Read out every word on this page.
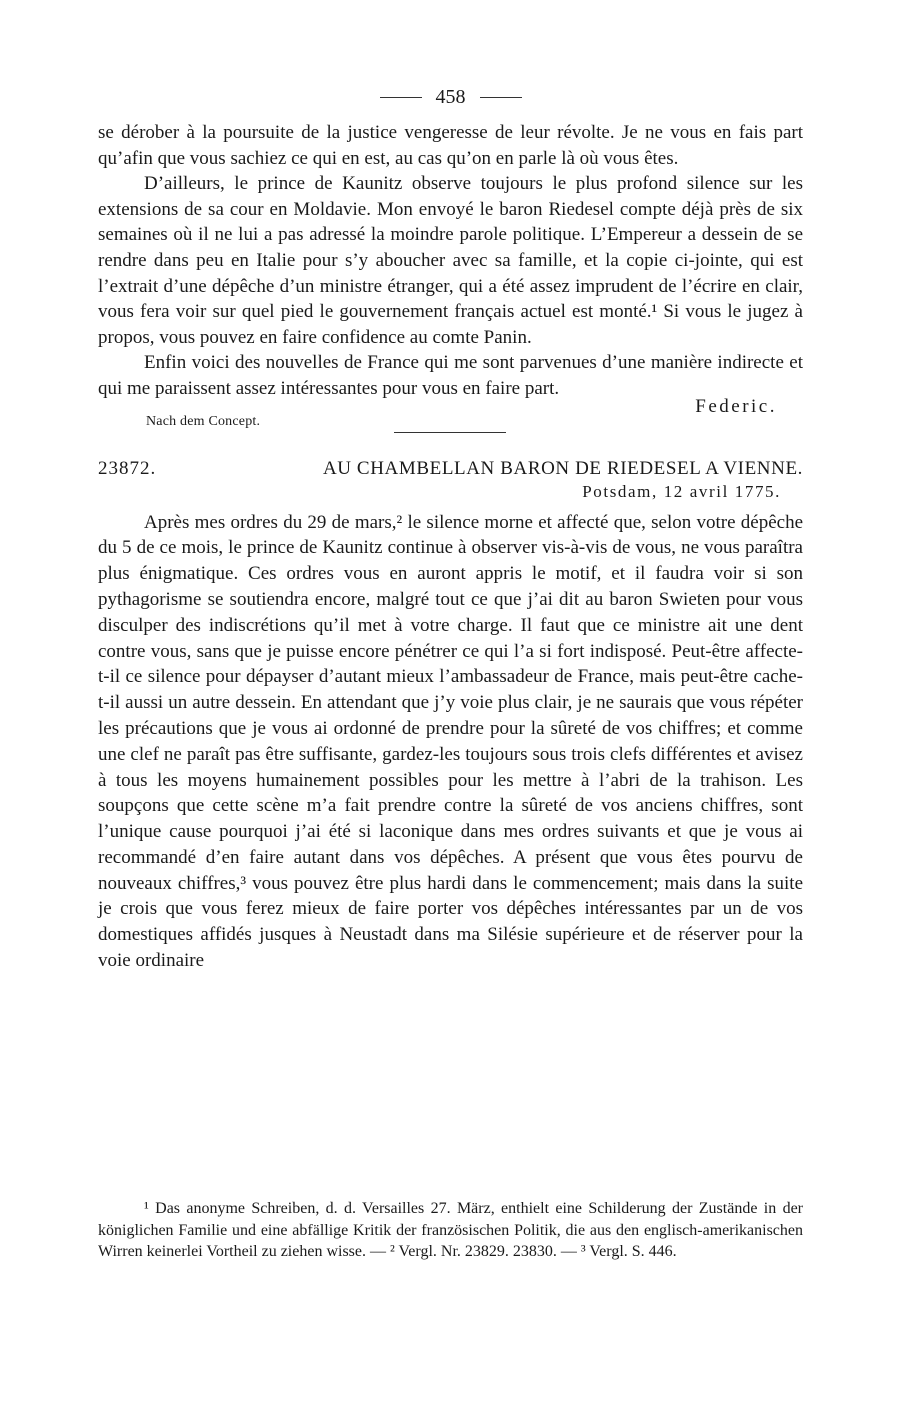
458

se dérober à la poursuite de la justice vengeresse de leur révolte. Je ne vous en fais part qu’afin que vous sachiez ce qui en est, au cas qu’on en parle là où vous êtes.

D’ailleurs, le prince de Kaunitz observe toujours le plus profond silence sur les extensions de sa cour en Moldavie. Mon envoyé le baron Riedesel compte déjà près de six semaines où il ne lui a pas adressé la moindre parole politique. L’Empereur a dessein de se rendre dans peu en Italie pour s’y aboucher avec sa famille, et la copie ci-jointe, qui est l’extrait d’une dépêche d’un ministre étranger, qui a été assez imprudent de l’écrire en clair, vous fera voir sur quel pied le gouvernement français actuel est monté.¹ Si vous le jugez à propos, vous pouvez en faire confidence au comte Panin.

Enfin voici des nouvelles de France qui me sont parvenues d’une manière indirecte et qui me paraissent assez intéressantes pour vous en faire part.

Nach dem Concept.
Federic.
23872.	AU CHAMBELLAN BARON DE RIEDESEL A VIENNE.
Potsdam, 12 avril 1775.

Après mes ordres du 29 de mars,² le silence morne et affecté que, selon votre dépêche du 5 de ce mois, le prince de Kaunitz continue à observer vis-à-vis de vous, ne vous paraîtra plus énigmatique. Ces ordres vous en auront appris le motif, et il faudra voir si son pythagorisme se soutiendra encore, malgré tout ce que j’ai dit au baron Swieten pour vous disculper des indiscrétions qu’il met à votre charge. Il faut que ce ministre ait une dent contre vous, sans que je puisse encore pénétrer ce qui l’a si fort indisposé. Peut-être affecte-t-il ce silence pour dépayser d’autant mieux l’ambassadeur de France, mais peut-être cache-t-il aussi un autre dessein. En attendant que j’y voie plus clair, je ne saurais que vous répéter les précautions que je vous ai ordonné de prendre pour la sûreté de vos chiffres; et comme une clef ne paraît pas être suffisante, gardez-les toujours sous trois clefs différentes et avisez à tous les moyens humainement possibles pour les mettre à l’abri de la trahison. Les soupçons que cette scène m’a fait prendre contre la sûreté de vos anciens chiffres, sont l’unique cause pourquoi j’ai été si laconique dans mes ordres suivants et que je vous ai recommandé d’en faire autant dans vos dépêches. A présent que vous êtes pourvu de nouveaux chiffres,³ vous pouvez être plus hardi dans le commencement; mais dans la suite je crois que vous ferez mieux de faire porter vos dépêches intéressantes par un de vos domestiques affidés jusques à Neustadt dans ma Silésie supérieure et de réserver pour la voie ordinaire

¹ Das anonyme Schreiben, d. d. Versailles 27. März, enthielt eine Schilderung der Zustände in der königlichen Familie und eine abfällige Kritik der französischen Politik, die aus den englisch-amerikanischen Wirren keinerlei Vortheil zu ziehen wisse. — ² Vergl. Nr. 23829. 23830. — ³ Vergl. S. 446.
